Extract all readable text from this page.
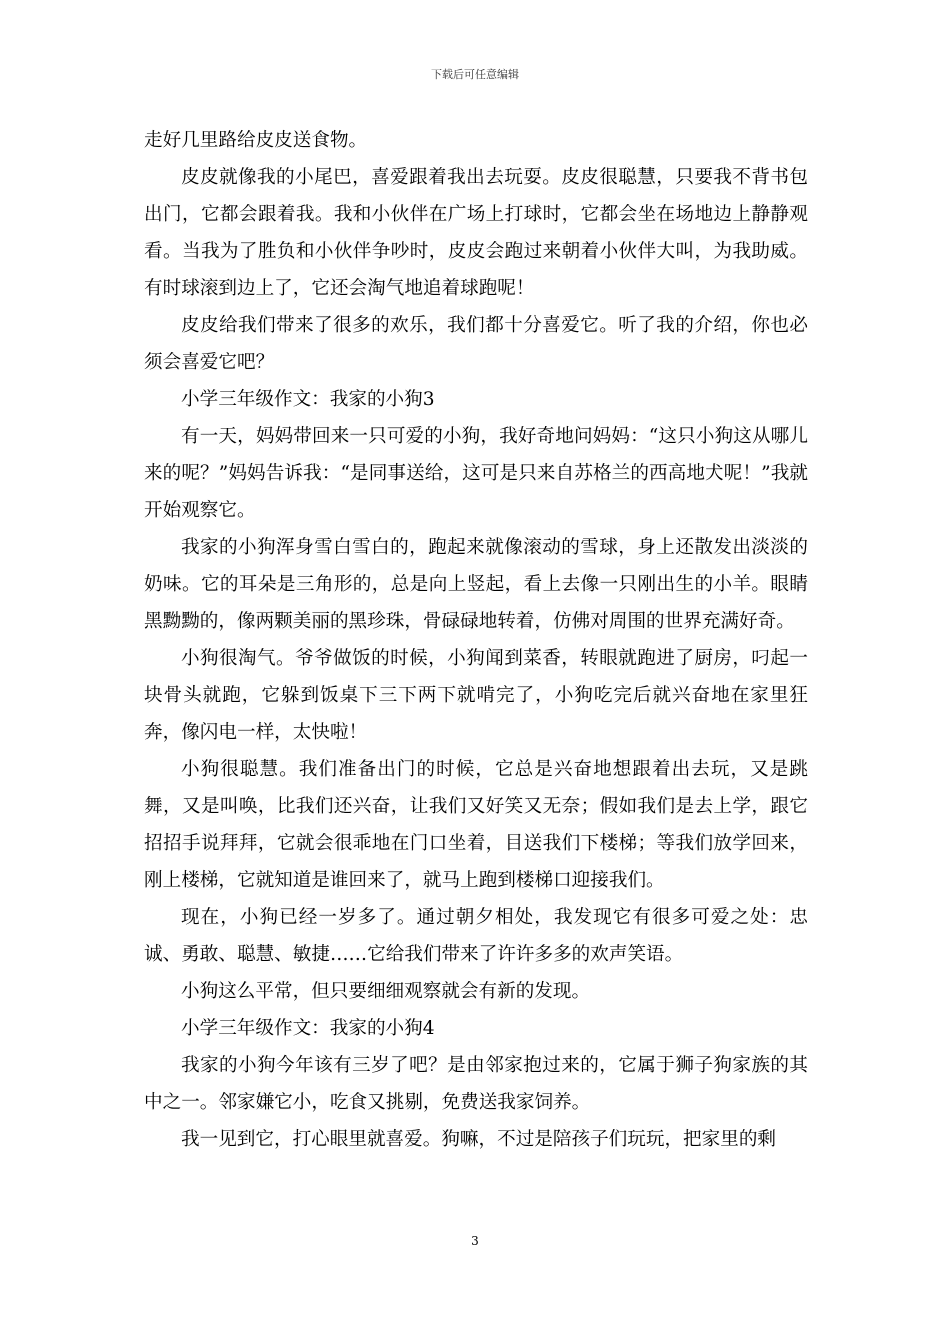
下载后可任意编辑

走好几里路给皮皮送食物。

皮皮就像我的小尾巴，喜爱跟着我出去玩耍。皮皮很聪慧，只要我不背书包出门，它都会跟着我。我和小伙伴在广场上打球时，它都会坐在场地边上静静观看。当我为了胜负和小伙伴争吵时，皮皮会跑过来朝着小伙伴大叫，为我助威。有时球滚到边上了，它还会淘气地追着球跑呢！

皮皮给我们带来了很多的欢乐，我们都十分喜爱它。听了我的介绍，你也必须会喜爱它吧？

小学三年级作文：我家的小狗3

有一天，妈妈带回来一只可爱的小狗，我好奇地问妈妈：“这只小狗这从哪儿来的呢？”妈妈告诉我：“是同事送给，这可是只来自苏格兰的西高地犬呢！”我就开始观察它。

我家的小狗浑身雪白雪白的，跑起来就像滚动的雪球，身上还散发出淡淡的奶味。它的耳朵是三角形的，总是向上竖起，看上去像一只刚出生的小羊。眼睛黑黝黝的，像两颗美丽的黑珍珠，骨碌碌地转着，仿佛对周围的世界充满好奇。

小狗很淘气。爷爷做饭的时候，小狗闻到菜香，转眼就跑进了厨房，叼起一块骨头就跑，它躲到饭桌下三下两下就啃完了，小狗吃完后就兴奋地在家里狂奔，像闪电一样，太快啦！

小狗很聪慧。我们准备出门的时候，它总是兴奋地想跟着出去玩，又是跳舞，又是叫唤，比我们还兴奋，让我们又好笑又无奈；假如我们是去上学，跟它招招手说拜拜，它就会很乖地在门口坐着，目送我们下楼梯；等我们放学回来，刚上楼梯，它就知道是谁回来了，就马上跑到楼梯口迎接我们。

现在，小狗已经一岁多了。通过朝夕相处，我发现它有很多可爱之处：忠诚、勇敢、聪慧、敏捷……它给我们带来了许许多多的欢声笑语。

小狗这么平常，但只要细细观察就会有新的发现。

小学三年级作文：我家的小狗4

我家的小狗今年该有三岁了吧？是由邻家抱过来的，它属于狮子狗家族的其中之一。邻家嫌它小，吃食又挑剔，免费送我家饲养。

我一见到它，打心眼里就喜爱。狗嘛，不过是陪孩子们玩玩，把家里的剩

3
